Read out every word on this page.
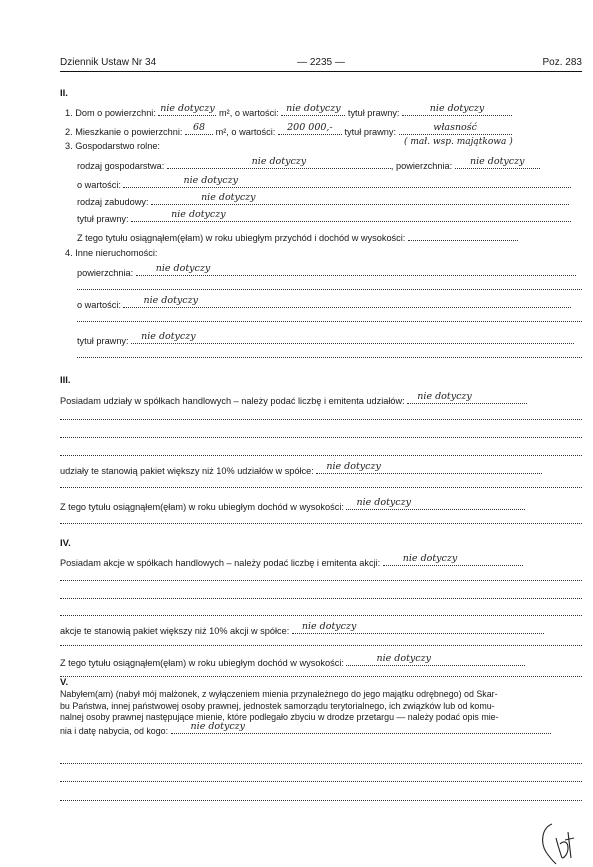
Dziennik Ustaw Nr 34	— 2235 —	Poz. 283
II.
1. Dom o powierzchni: nie dotyczy m², o wartości: nie dotyczy tytuł prawny:	nie dotyczy
2. Mieszkanie o powierzchni:	68	m², o wartości:	200 000,-	tytuł prawny:	własność
( mał. wsp. majątkowa )
3. Gospodarstwo rolne:
rodzaj gospodarstwa:	nie dotyczy	, powierzchnia:	nie dotyczy
o wartości:	nie dotyczy
rodzaj zabudowy:	nie dotyczy
tytuł prawny:	nie dotyczy
Z tego tytułu osiągnąłem(ęłam) w roku ubiegłym przychód i dochód w wysokości:
4. Inne nieruchomości:
powierzchnia: nie dotyczy
o wartości: nie dotyczy
tytuł prawny: nie dotyczy
III.
Posiadam udziały w spółkach handlowych – należy podać liczbę i emitenta udziałów: nie dotyczy
udziały te stanowią pakiet większy niż 10% udziałów w spółce: nie dotyczy
Z tego tytułu osiągnąłem(ęłam) w roku ubiegłym dochód w wysokości: nie dotyczy
IV.
Posiadam akcje w spółkach handlowych – należy podać liczbę i emitenta akcji: nie dotyczy
akcje te stanowią pakiet większy niż 10% akcji w spółce: nie dotyczy
Z tego tytułu osiągnąłem(ęłam) w roku ubiegłym dochód w wysokości:	nie dotyczy
V.
Nabyłem(am) (nabył mój małżonek, z wyłączeniem mienia przynależnego do jego majątku odrębnego) od Skar-
bu Państwa, innej państwowej osoby prawnej, jednostek samorządu terytorialnego, ich związków lub od komu-
nalnej osoby prawnej następujące mienie, które podlegało zbyciu w drodze przetargu — należy podać opis mie-
nia i datę nabycia, od kogo: nie dotyczy
